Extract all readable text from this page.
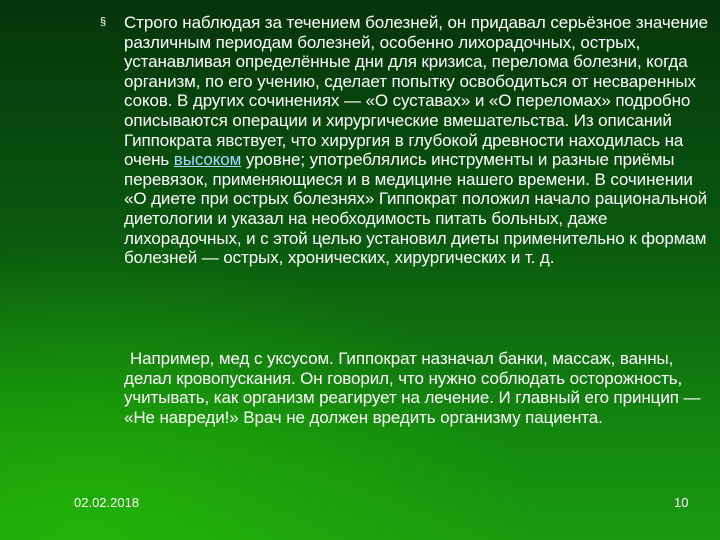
§ Строго наблюдая за течением болезней, он придавал серьёзное значение различным периодам болезней, особенно лихорадочных, острых, устанавливая определённые дни для кризиса, перелома болезни, когда организм, по его учению, сделает попытку освободиться от несваренных соков. В других сочинениях — «О суставах» и «О переломах» подробно описываются операции и хирургические вмешательства. Из описаний Гиппократа явствует, что хирургия в глубокой древности находилась на очень высоком уровне; употреблялись инструменты и разные приёмы перевязок, применяющиеся и в медицине нашего времени. В сочинении «О диете при острых болезнях» Гиппократ положил начало рациональной диетологии и указал на необходимость питать больных, даже лихорадочных, и с этой целью установил диеты применительно к формам болезней — острых, хронических, хирургических и т. д.

Например, мед с уксусом. Гиппократ назначал банки, массаж, ванны, делал кровопускания. Он говорил, что нужно соблюдать осторожность, учитывать, как организм реагирует на лечение. И главный его принцип — «Не навреди!» Врач не должен вредить организму пациента.

02.02.2018	10
